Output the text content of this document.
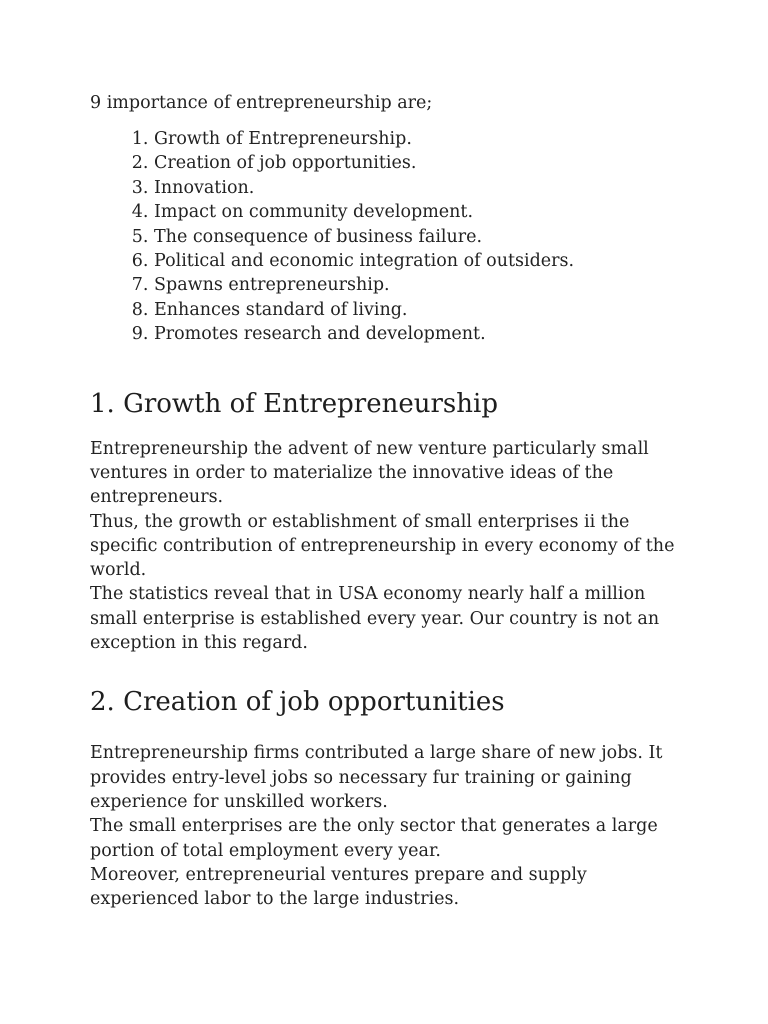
9 importance of entrepreneurship are;

1. Growth of Entrepreneurship.
2. Creation of job opportunities.
3. Innovation.
4. Impact on community development.
5. The consequence of business failure.
6. Political and economic integration of outsiders.
7. Spawns entrepreneurship.
8. Enhances standard of living.
9. Promotes research and development.
1. Growth of Entrepreneurship

Entrepreneurship the advent of new venture particularly small ventures in order to materialize the innovative ideas of the entrepreneurs.

Thus, the growth or establishment of small enterprises ii the specific contribution of entrepreneurship in every economy of the world.

The statistics reveal that in USA economy nearly half a million small enterprise is established every year. Our country is not an exception in this regard.

2. Creation of job opportunities

Entrepreneurship firms contributed a large share of new jobs. It provides entry-level jobs so necessary fur training or gaining experience for unskilled workers.

The small enterprises are the only sector that generates a large portion of total employment every year.

Moreover, entrepreneurial ventures prepare and supply experienced labor to the large industries.
